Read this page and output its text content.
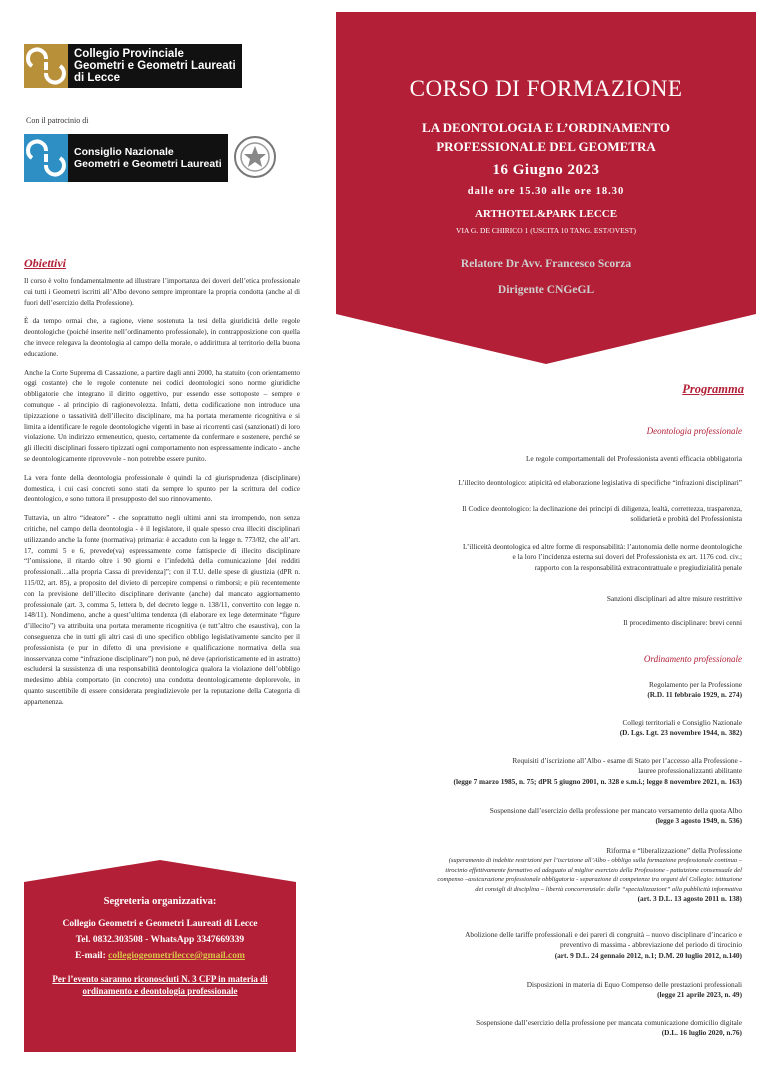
Collegio Provinciale
Geometri e Geometri Laureati
di Lecce
Con il patrocinio di
Consiglio Nazionale
Geometri e Geometri Laureati
Obiettivi

Il corso è volto fondamentalmente ad illustrare l’importanza dei doveri dell’etica professionale cui tutti i Geometri iscritti all’Albo devono sempre improntare la propria condotta (anche al di fuori dell’esercizio della Professione).

È da tempo ormai che, a ragione, viene sostenuta la tesi della giuridicità delle regole deontologiche (poiché inserite nell’ordinamento professionale), in contrapposizione con quella che invece relegava la deontologia al campo della morale, o addirittura al territorio della buona educazione.

Anche la Corte Suprema di Cassazione, a partire dagli anni 2000, ha statuito (con orientamento oggi costante) che le regole contenute nei codici deontologici sono norme giuridiche obbligatorie che integrano il diritto oggettivo, pur essendo esse sottoposte – sempre e comunque - al principio di ragionevolezza. Infatti, detta codificazione non introduce una tipizzazione o tassatività dell’illecito disciplinare, ma ha portata meramente ricognitiva e si limita a identificare le regole deontologiche vigenti in base ai ricorrenti casi (sanzionati) di loro violazione. Un indirizzo ermeneutico, questo, certamente da confermare e sostenere, perché se gli illeciti disciplinari fossero tipizzati ogni comportamento non espressamente indicato - anche se deontologicamente riprovevole - non potrebbe essere punito.

La vera fonte della deontologia professionale è quindi la cd giurisprudenza (disciplinare) domestica, i cui casi concreti sono stati da sempre lo spunto per la scrittura del codice deontologico, e sono tuttora il presupposto del suo rinnovamento.

Tuttavia, un altro “ideatore” - che soprattutto negli ultimi anni sta irrompendo, non senza critiche, nel campo della deontologia - è il legislatore, il quale spesso crea illeciti disciplinari utilizzando anche la fonte (normativa) primaria: è accaduto con la legge n. 773/82, che all’art. 17, commi 5 e 6, prevede(va) espressamente come fattispecie di illecito disciplinare “l’omissione, il ritardo oltre i 90 giorni e l’infedeltà della comunicazione [dei redditi professionali…alla propria Cassa di previdenza]”; con il T.U. delle spese di giustizia (dPR n. 115/02, art. 85), a proposito del divieto di percepire compensi o rimborsi; e più recentemente con la previsione dell’illecito disciplinare derivante (anche) dal mancato aggiornamento professionale (art. 3, comma 5, lettera b, del decreto legge n. 138/11, convertito con legge n. 148/11). Nondimeno, anche a quest’ultima tendenza (di elaborare ex lege determinate “figure d’illecito”) va attribuita una portata meramente ricognitiva (e tutt’altro che esaustiva), con la conseguenza che in tutti gli altri casi di uno specifico obbligo legislativamente sancito per il professionista (e pur in difetto di una previsione e qualificazione normativa della sua inosservanza come “infrazione disciplinare”) non può, né deve (aprioristicamente ed in astratto) escludersi la sussistenza di una responsabilità deontologica qualora la violazione dell’obbligo medesimo abbia comportato (in concreto) una condotta deontologicamente deplorevole, in quanto suscettibile di essere considerata pregiudizievole per la reputazione della Categoria di appartenenza.

Segreteria organizzativa:
Collegio Geometri e Geometri Laureati di Lecce
Tel. 0832.303508 - WhatsApp 3347669339
E-mail: collegiogeometrilecce@gmail.com
Per l’evento saranno riconosciuti N. 3 CFP in materia di ordinamento e deontologia professionale
CORSO DI FORMAZIONE
LA DEONTOLOGIA E L’ORDINAMENTO
PROFESSIONALE DEL GEOMETRA
16 Giugno 2023
dalle ore 15.30 alle ore 18.30
ARTHOTEL&PARK LECCE
VIA G. DE CHIRICO 1 (USCITA 10 TANG. EST/OVEST)
Relatore Dr Avv. Francesco Scorza
Dirigente CNGeGL
Programma
Deontologia professionale
Le regole comportamentali del Professionista aventi efficacia obbligatoria
L’illecito deontologico: atipicità ed elaborazione legislativa di specifiche “infrazioni disciplinari”
Il Codice deontologico: la declinazione dei principi di diligenza, lealtà, correttezza, trasparenza,
solidarietà e probità del Professionista
L’illiceità deontologica ed altre forme di responsabilità: l’autonomia delle norme deontologiche
e la loro l’incidenza esterna sui doveri del Professionista ex art. 1176 cod. civ.;
rapporto con la responsabilità extracontrattuale e pregiudizialità penale
Sanzioni disciplinari ad altre misure restrittive
Il procedimento disciplinare: brevi cenni
Ordinamento professionale
Regolamento per la Professione
(R.D. 11 febbraio 1929, n. 274)
Collegi territoriali e Consiglio Nazionale
(D. Lgs. Lgt. 23 novembre 1944, n. 382)
Requisiti d’iscrizione all’Albo - esame di Stato per l’accesso alla Professione -
lauree professionalizzanti abilitante
(legge 7 marzo 1985, n. 75; dPR 5 giugno 2001, n. 328 e s.m.i.; legge 8 novembre 2021, n. 163)
Sospensione dall’esercizio della professione per mancato versamento della quota Albo
(legge 3 agosto 1949, n. 536)
Riforma e “liberalizzazione” della Professione
(superamento di indebite restrizioni per l’iscrizione all’Albo - obbligo sulla formazione professionale continua –
tirocinio effettivamente formativo ed adeguato al miglior esercizio della Professione - pattuizione consensuale del
compenso –assicurazione professionale obbligatoria - separazione di competenze tra organi del Collegio: istituzione
dei consigli di disciplina – libertà concorrenziale: dalle “specializzazioni” alla pubblicità informativa
(art. 3 D.L. 13 agosto 2011 n. 138)
Abolizione delle tariffe professionali e dei pareri di congruità – nuovo disciplinare d’incarico e
preventivo di massima - abbreviazione del periodo di tirocinio
(art. 9 D.L. 24 gennaio 2012, n.1; D.M. 20 luglio 2012, n.140)
Disposizioni in materia di Equo Compenso delle prestazioni professionali
(legge 21 aprile 2023, n. 49)
Sospensione dall’esercizio della professione per mancata comunicazione domicilio digitale
(D.L. 16 luglio 2020, n.76)
